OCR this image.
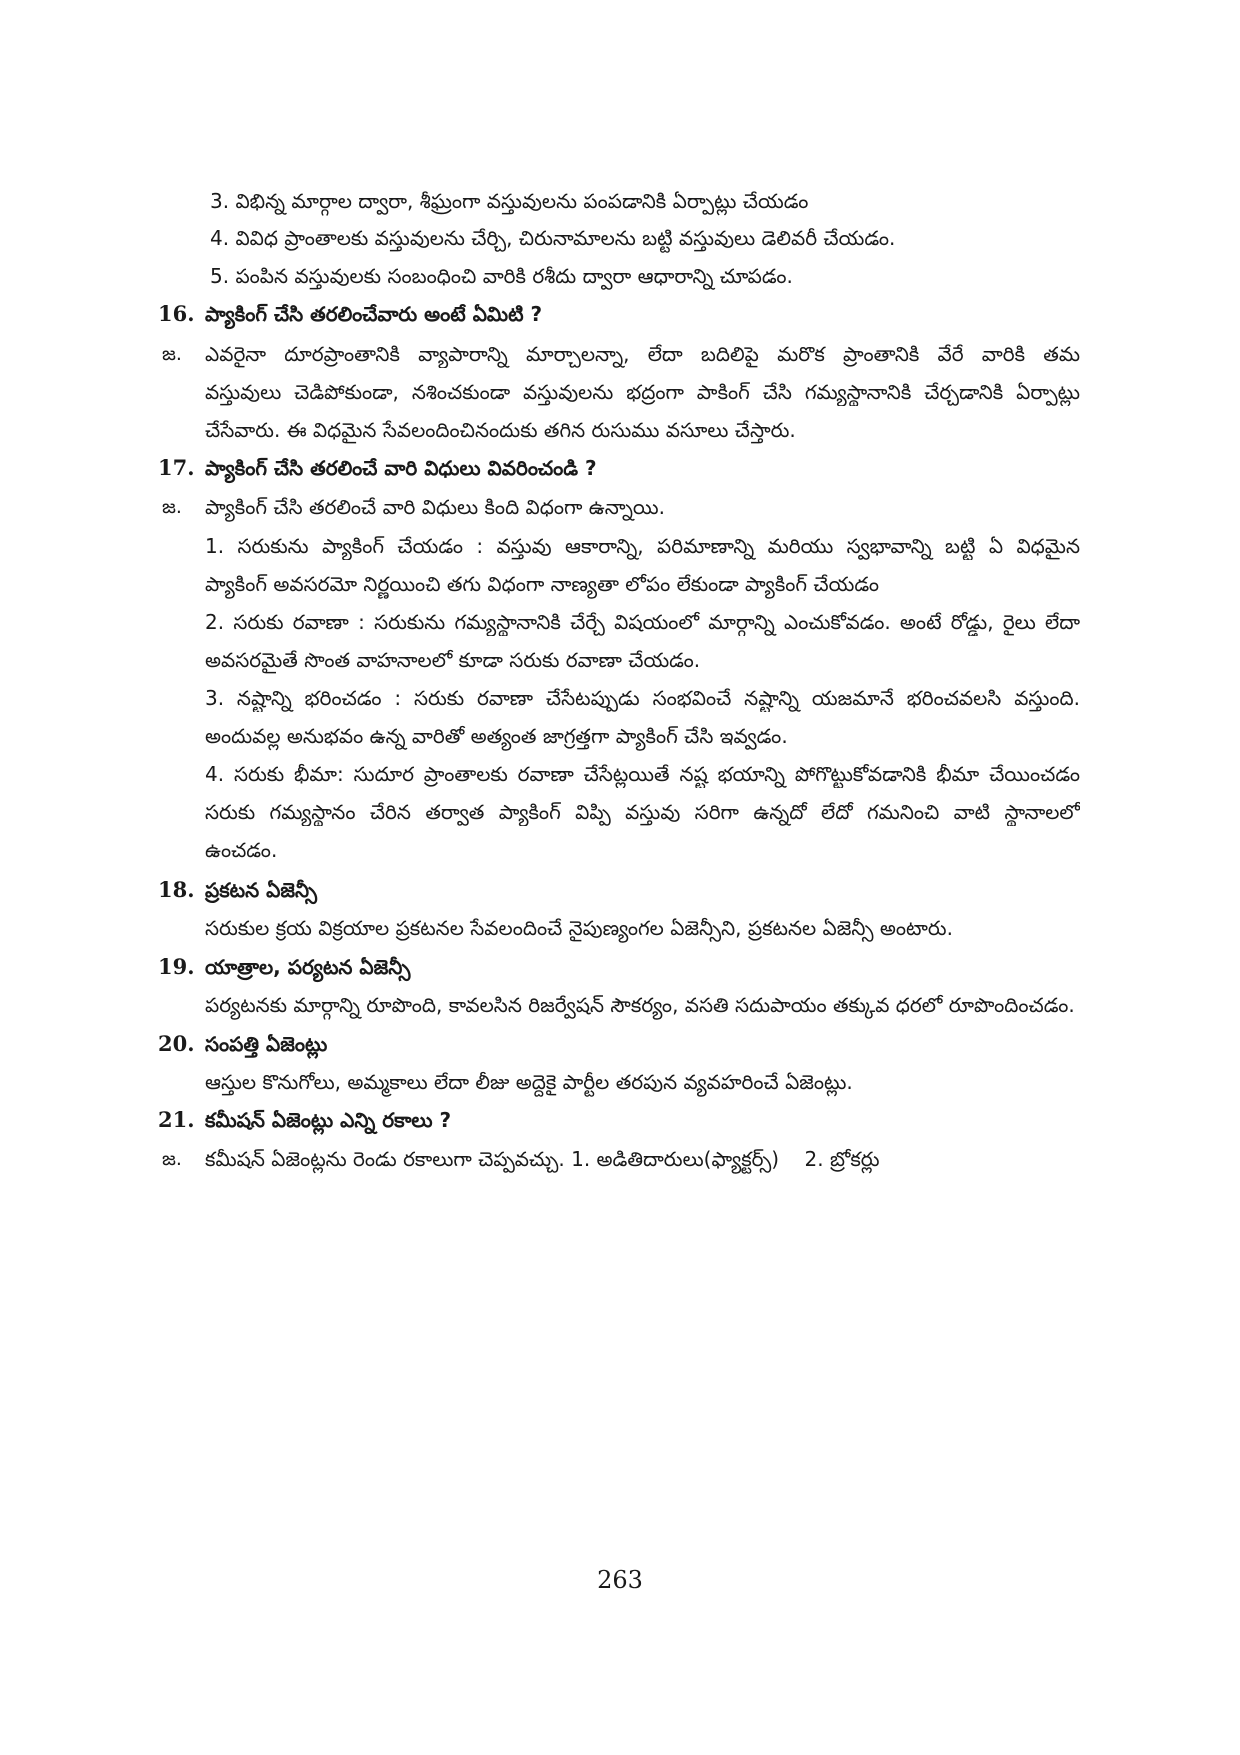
3. విభిన్న మార్గాల ద్వారా, శీఘ్రంగా వస్తువులను పంపడానికి ఏర్పాట్లు చేయడం
4. వివిధ ప్రాంతాలకు వస్తువులను చేర్చి, చిరునామాలను బట్టి వస్తువులు డెలివరీ చేయడం.
5. పంపిన వస్తువులకు సంబంధించి వారికి రశీదు ద్వారా ఆధారాన్ని చూపడం.
16. ప్యాకింగ్ చేసి తరలించేవారు అంటే ఏమిటి ?
జ. ఎవరైనా దూరప్రాంతానికి వ్యాపారాన్ని మార్చాలన్నా, లేదా బదిలిపై మరొక ప్రాంతానికి వేరే వారికి తమ
వస్తువులు చెడిపోకుండా, నశించకుండా వస్తువులను భద్రంగా పాకింగ్ చేసి గమ్యస్థానానికి చేర్చడానికి ఏర్పాట్లు
చేసేవారు. ఈ విధమైన సేవలందించినందుకు తగిన రుసుము వసూలు చేస్తారు.
17. ప్యాకింగ్ చేసి తరలించే వారి విధులు వివరించండి ?
జ. ప్యాకింగ్ చేసి తరలించే వారి విధులు కింది విధంగా ఉన్నాయి.
1. సరుకును ప్యాకింగ్ చేయడం : వస్తువు ఆకారాన్ని, పరిమాణాన్ని మరియు స్వభావాన్ని బట్టి ఏ విధమైన
ప్యాకింగ్ అవసరమో నిర్ణయించి తగు విధంగా నాణ్యతా లోపం లేకుండా ప్యాకింగ్ చేయడం
2. సరుకు రవాణా : సరుకును గమ్యస్థానానికి చేర్చే విషయంలో మార్గాన్ని ఎంచుకోవడం. అంటే రోడ్డు, రైలు లేదా
అవసరమైతే సొంత వాహనాలలో కూడా సరుకు రవాణా చేయడం.
3. నష్టాన్ని భరించడం : సరుకు రవాణా చేసేటప్పుడు సంభవించే నష్టాన్ని యజమానే భరించవలసి వస్తుంది.
అందువల్ల అనుభవం ఉన్న వారితో అత్యంత జాగ్రత్తగా ప్యాకింగ్ చేసి ఇవ్వడం.
4. సరుకు భీమా: సుదూర ప్రాంతాలకు రవాణా చేసేట్లయితే నష్ట భయాన్ని పోగొట్టుకోవడానికి భీమా చేయించడం
సరుకు గమ్యస్థానం చేరిన తర్వాత ప్యాకింగ్ విప్పి వస్తువు సరిగా ఉన్నదో లేదో గమనించి వాటి స్థానాలలో
ఉంచడం.
18. ప్రకటన ఏజెన్సీ
సరుకుల క్రయ విక్రయాల ప్రకటనల సేవలందించే నైపుణ్యంగల ఏజెన్సీని, ప్రకటనల ఏజెన్సీ అంటారు.
19. యాత్రాల, పర్యటన ఏజెన్సీ
పర్యటనకు మార్గాన్ని రూపొంది, కావలసిన రిజర్వేషన్ సౌకర్యం, వసతి సదుపాయం తక్కువ ధరలో రూపొందించడం.
20. సంపత్తి ఏజెంట్లు
ఆస్తుల కొనుగోలు, అమ్మకాలు లేదా లీజు అద్దెకై పార్టీల తరపున వ్యవహరించే ఏజెంట్లు.
21. కమీషన్ ఏజెంట్లు ఎన్ని రకాలు ?
జ. కమీషన్ ఏజెంట్లను రెండు రకాలుగా చెప్పవచ్చు. 1. అడితిదారులు(ఫ్యాక్టర్స్)    2. బ్రోకర్లు
263
